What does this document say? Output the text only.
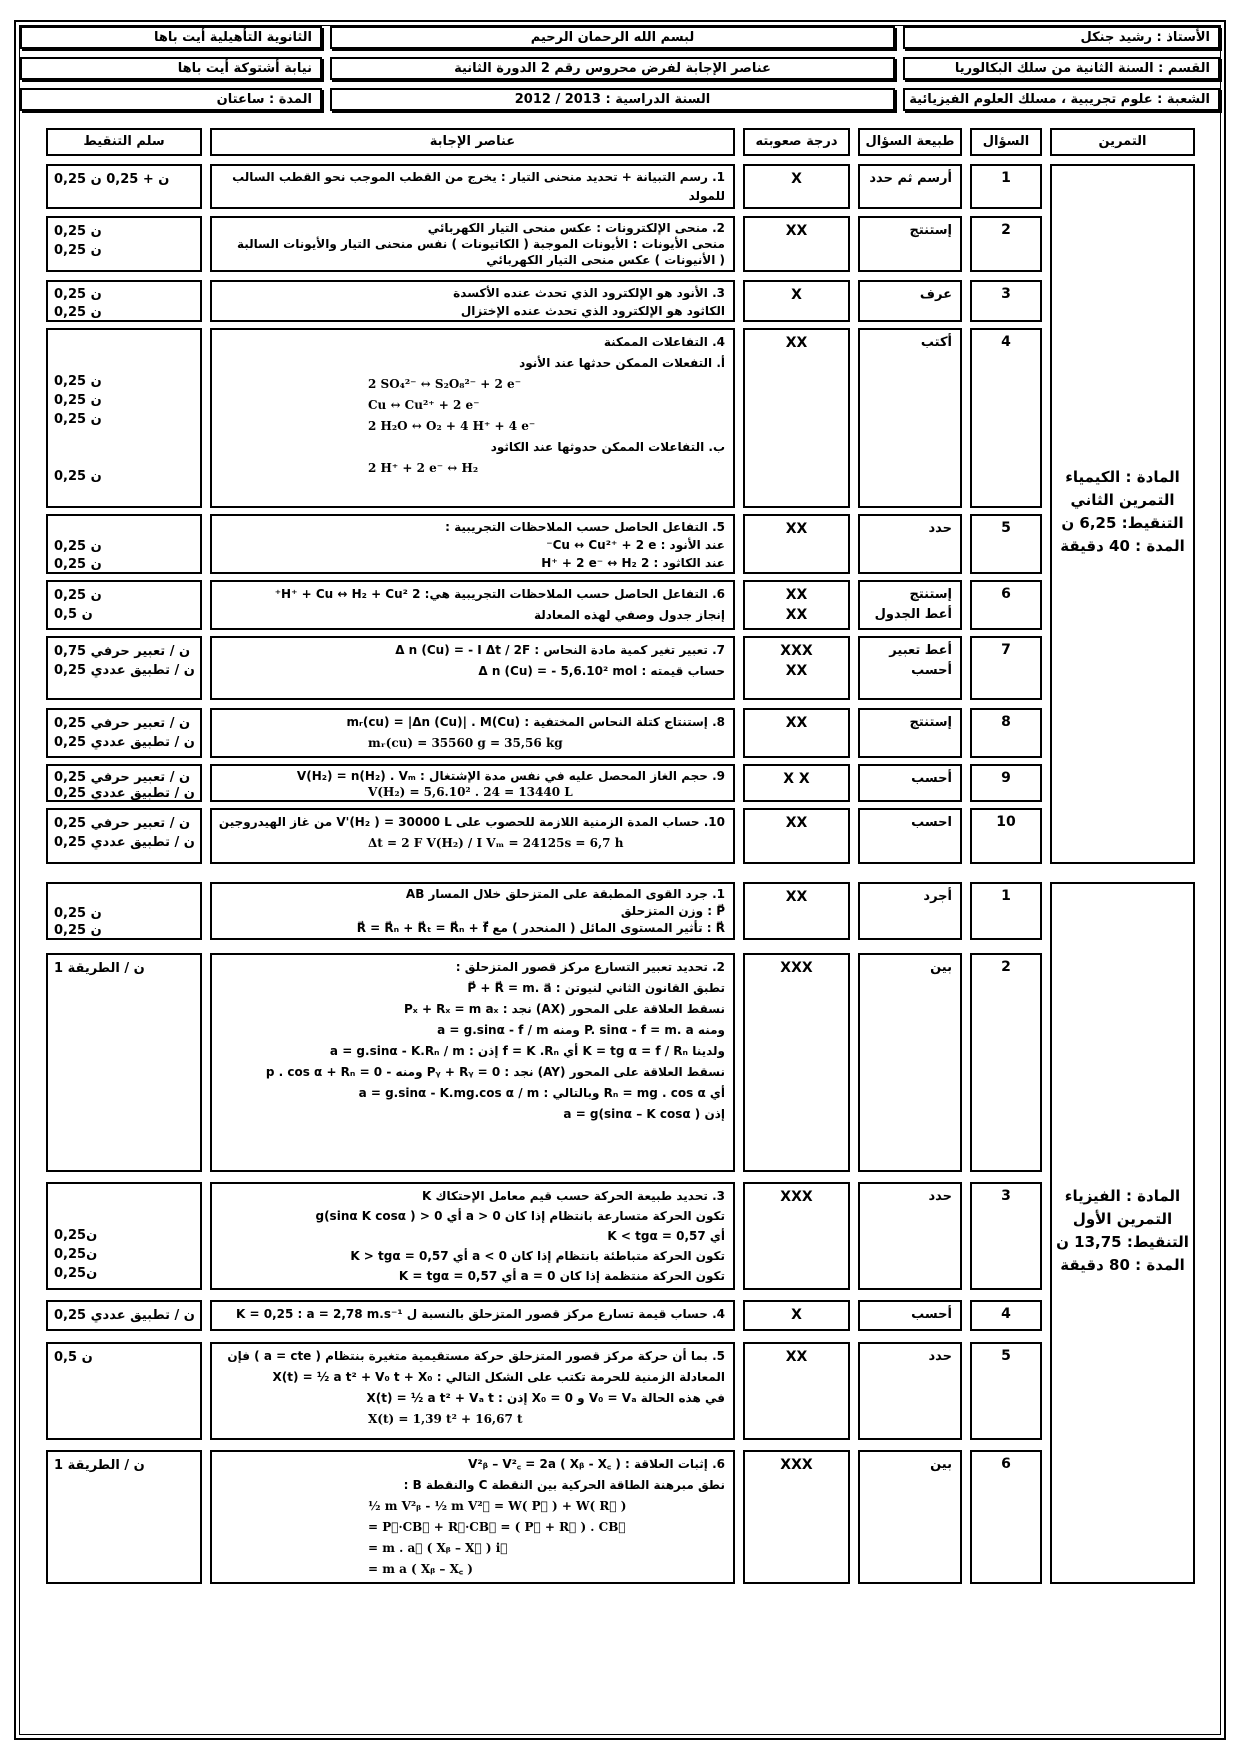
الأستاذ : رشيد جنكل
لبسم الله الرحمان الرحيم
الثانوية التأهيلية أيت باها
القسم : السنة الثانية من سلك البكالوريا
عناصر الإجابة لفرض محروس رقم 2 الدورة الثانية
نيابة أشتوكة أيت باها
الشعبة : علوم تجريبية ، مسلك العلوم الفيزيائية
السنة الدراسية : 2013 / 2012
المدة : ساعتان
التمرين
السؤال
طبيعة السؤال
درجة صعوبته
عناصر الإجابة
سلم التنقيط
المادة : الكيمياء
التمرين الثاني
التنقيط: 6,25 ن
المدة : 40 دقيقة
1
أرسم ثم حدد
X
1. رسم التبيانة + تحديد منحنى التيار : يخرج من القطب الموجب نحو القطب السالب
للمولد
0,25 ن + 0,25 ن
2
إستنتج
XX
2. منحى الإلكترونات : عكس منحى التيار الكهربائي
منحى الأيونات : الأيونات الموجبة ( الكاتيونات ) نفس منحنى التيار والأيونات السالبة
( الأنيونات ) عكس منحى التيار الكهربائي
0,25 ن
0,25 ن
3
عرف
X
3. الأنود هو الإلكترود الذي تحدث عنده الأكسدة
الكاثود هو الإلكترود الذي تحدث عنده الإختزال
0,25 ن
0,25 ن
4
أكتب
XX
4. التفاعلات الممكنة
أ. التفعلات الممكن حدثها عند الأنود
2 SO₄²⁻ ↔ S₂O₈²⁻ + 2 e⁻
Cu ↔ Cu²⁺ + 2 e⁻
2 H₂O ↔ O₂ + 4 H⁺ + 4 e⁻
ب. التفاعلات الممكن حدوثها عند الكاثود
2 H⁺ + 2 e⁻ ↔ H₂

0,25 ن
0,25 ن
0,25 ن

0,25 ن
5
حدد
XX
5. التفاعل الحاصل حسب الملاحظات التجريبية :
عند الأنود : Cu ↔ Cu²⁺ + 2 e⁻
عند الكاثود : 2 H⁺ + 2 e⁻ ↔ H₂

0,25 ن
0,25 ن
6
إستنتج
أعط الجدول
XX
XX
6. التفاعل الحاصل حسب الملاحظات التجريبية هي: 2 H⁺ + Cu ↔ H₂ + Cu²⁺
إنجاز جدول وصفي لهذه المعادلة
0,25 ن
0,5 ن
7
أعط تعبير
أحسب
XXX
XX
7. تعبير تغير كمية مادة النحاس : Δ n (Cu) = - I Δt / 2F
حساب قيمته : Δ n (Cu) = - 5,6.10² mol
0,75 ن / تعبير حرفي
0,25 ن / تطبيق عددي
8
إستنتج
XX
8. إستنتاج كتلة النحاس المختفية : mᵣ(cu) = |Δn (Cu)| . M(Cu)
mᵣ(cu) = 35560 g = 35,56 kg
0,25 ن / تعبير حرفي
0,25 ن / تطبيق عددي
9
أحسب
X X
9. حجم الغاز المحصل عليه في نفس مدة الإشتغال : V(H₂) = n(H₂) . Vₘ
V(H₂) = 5,6.10² . 24 = 13440 L
0,25 ن / تعبير حرفي
0,25 ن / تطبيق عددي
10
احسب
XX
10. حساب المدة الزمنية اللازمة للحصوب على V'(H₂ ) = 30000 L من غاز الهيدروجين
Δt = 2 F V(H₂) / I Vₘ = 24125s = 6,7 h
0,25 ن / تعبير حرفي
0,25 ن / تطبيق عددي
المادة : الفيزياء
التمرين الأول
التنقيط: 13,75 ن
المدة : 80 دقيقة
1
أجرد
XX
1. جرد القوى المطبقة على المتزحلق خلال المسار AB
P⃗ : وزن المتزحلق
R⃗ : تأثير المستوى المائل ( المنحدر ) مع R⃗ = R⃗ₙ + R⃗ₜ = R⃗ₙ + f⃗

0,25 ن
0,25 ن
2
بين
XXX
2. تحديد تعبير التسارع مركز قصور المتزحلق :
تطبق القانون الثاني لنيوتن : P⃗ + R⃗ = m. a⃗
نسقط العلاقة على المحور (AX) نجد : Pₓ + Rₓ = m aₓ
ومنه P. sinα - f = m. a ومنه a = g.sinα - f / m
ولدينا K = tg α = f / Rₙ أي f = K .Rₙ إذن : a = g.sinα - K.Rₙ / m
نسقط العلاقة على المحور (AY) نجد : Pᵧ + Rᵧ = 0 ومنه - p . cos α + Rₙ = 0
أي Rₙ = mg . cos α وبالتالي : a = g.sinα - K.mg.cos α / m
إذن a = g(sinα – K cosα )
1 ن / الطريقة
3
حدد
XXX
3. تحديد طبيعة الحركة حسب قيم معامل الإحتكاك K
تكون الحركة متسارعة بانتظام إذا كان a > 0 أي g(sinα K cosα ) > 0
أي K < tgα = 0,57
تكون الحركة متباطئة بانتظام إذا كان a < 0 أي K > tgα = 0,57
تكون الحركة منتظمة إذا كان a = 0 أي K = tgα = 0,57

0,25ن
0,25ن
0,25ن
4
أحسب
X
4. حساب قيمة تسارع مركز قصور المتزحلق بالنسبة ل K = 0,25 : a = 2,78 m.s⁻¹
0,25 ن / تطبيق عددي
5
حدد
XX
5. بما أن حركة مركز قصور المتزحلق حركة مستقيمية متغيرة بنتظام ( a = cte ) فإن
المعادلة الزمنية للحرمة تكتب على الشكل التالي : X(t) = ½ a t² + V₀ t + X₀
في هذه الحالة V₀ = Vₐ و X₀ = 0 إذن : X(t) = ½ a t² + Vₐ t
X(t) = 1,39 t² + 16,67 t
0,5 ن
6
بين
XXX
6. إثبات العلاقة : V²ᵦ – V²꜀ = 2a ( Xᵦ - X꜀ )
نطق مبرهنة الطاقة الحركية بين النقطة C والنقطة B :
½ m V²ᵦ - ½ m V²꜀ = W( P⃗ ) + W( R⃗ )
= P⃗·CB⃗ + R⃗·CB⃗ = ( P⃗ + R⃗ ) . CB⃗
= m . a⃗ ( Xᵦ – X꜀ ) i⃗
= m a ( Xᵦ – X꜀ )
1 ن / الطريقة
